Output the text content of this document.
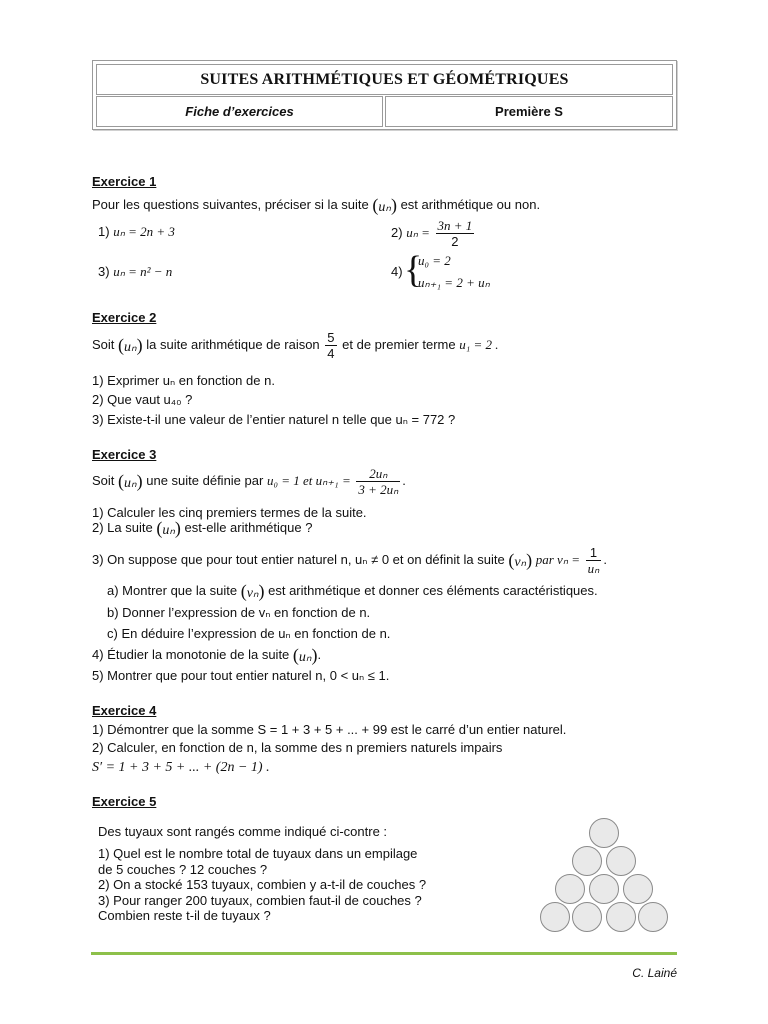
SUITES ARITHMÉTIQUES ET GÉOMÉTRIQUES
Fiche d’exercices	Première S
Exercice 1
Pour les questions suivantes, préciser si la suite (uₙ) est arithmétique ou non.
1) uₙ = 2n + 3	2) $u_n = \frac{3n + 1}{2}$
3) uₙ = n² − n	4) {
u₀ = 2
uₙ₊₁ = 2 + uₙ
Exercice 2
Soit (uₙ) la suite arithmétique de raison $\frac{5}{4}$ et de premier terme u₁ = 2 .
1) Exprimer uₙ en fonction de n.
2) Que vaut u₄₀ ?
3) Existe-t-il une valeur de l’entier naturel n telle que uₙ = 772 ?
Exercice 3
Soit (uₙ) une suite définie par u₀ = 1 et $u_{n+1} = \frac{\text{2uₙ}}{\text{3 + 2uₙ}}$ .
1) Calculer les cinq premiers termes de la suite.
2) La suite (uₙ) est-elle arithmétique ?
3) On suppose que pour tout entier naturel n, uₙ ≠ 0 et on définit la suite (vₙ) par $v_n = \frac{1}{\text{uₙ}}$ .
a) Montrer que la suite (vₙ) est arithmétique et donner ces éléments caractéristiques.
b) Donner l’expression de vₙ en fonction de n.
c) En déduire l’expression de uₙ en fonction de n.
4) Étudier la monotonie de la suite (uₙ).
5) Montrer que pour tout entier naturel n, 0 < uₙ ≤ 1.
Exercice 4
1) Démontrer que la somme S = 1 + 3 + 5 + ... + 99 est le carré d’un entier naturel.
2) Calculer, en fonction de n, la somme des n premiers naturels impairs
S′ = 1 + 3 + 5 + ... + (2n − 1) .
Exercice 5
Des tuyaux sont rangés comme indiqué ci-contre :
1) Quel est le nombre total de tuyaux dans un empilage
de 5 couches ? 12 couches ?
2) On a stocké 153 tuyaux, combien y a-t-il de couches ?
3) Pour ranger 200 tuyaux, combien faut-il de couches ?
Combien reste t-il de tuyaux ?
C. Lainé
